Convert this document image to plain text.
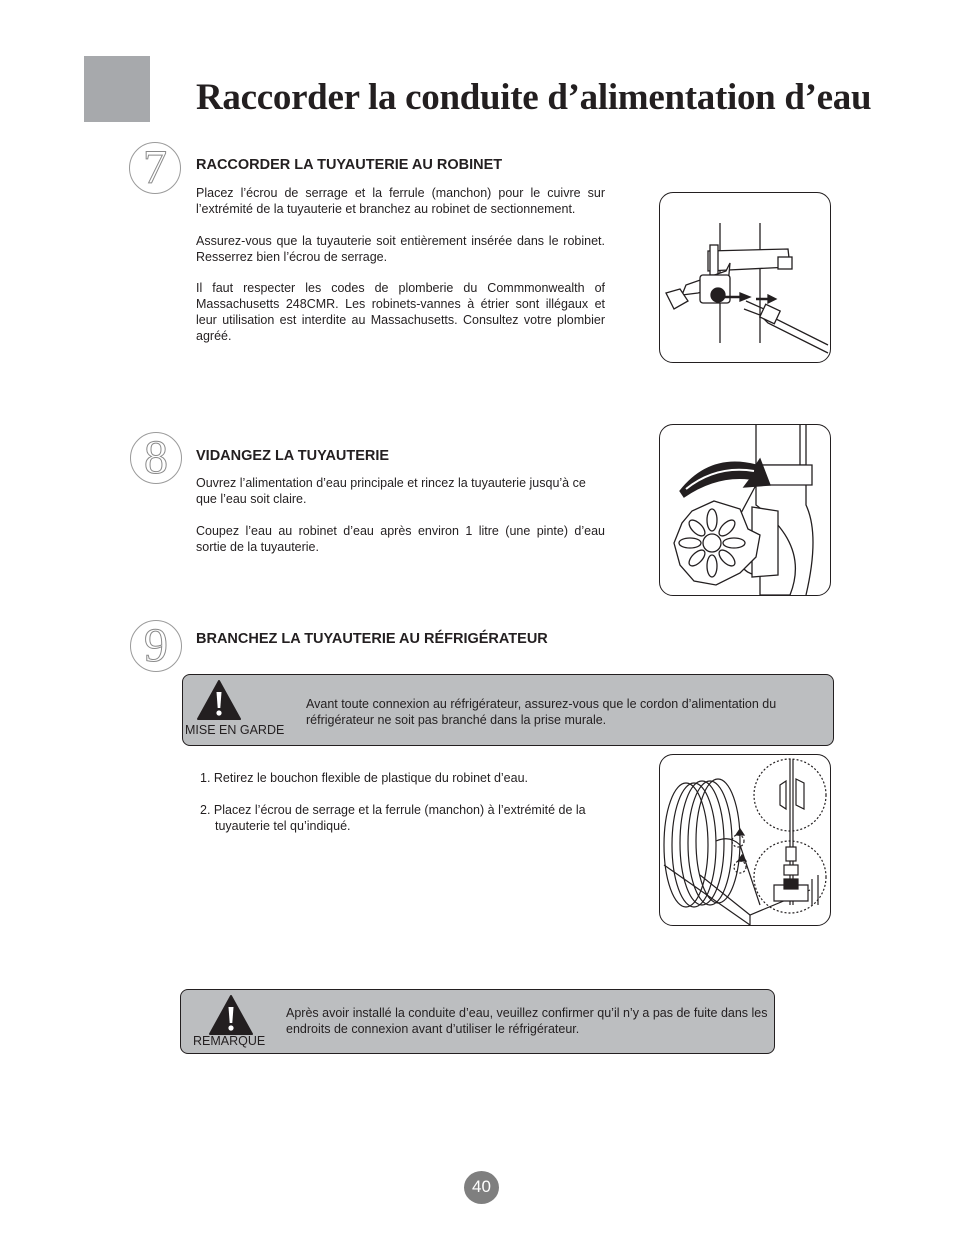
Raccorder la conduite d’alimentation d’eau
7	RACCORDER LA TUYAUTERIE AU ROBINET

Placez l’écrou de serrage et la ferrule (manchon) pour le cuivre sur l’extrémité de la tuyauterie et branchez au robinet de sectionnement.

Assurez-vous que la tuyauterie soit entièrement insérée dans le robinet. Resserrez bien l’écrou de serrage.

Il faut respecter les codes de plomberie du Commmonwealth of Massachusetts 248CMR. Les robinets-vannes à étrier sont illégaux et leur utilisation est interdite au Massachusetts. Consultez votre plombier agréé.

8	VIDANGEZ LA TUYAUTERIE

Ouvrez l’alimentation d’eau principale et rincez la tuyauterie jusqu’à ce que l’eau soit claire.

Coupez l’eau au robinet d’eau après environ 1 litre (une pinte) d’eau sortie de la tuyauterie.

9	BRANCHEZ LA TUYAUTERIE AU RÉFRIGÉRATEUR
MISE EN GARDE
Avant toute connexion au réfrigérateur, assurez-vous que le cordon d’alimentation du réfrigérateur ne soit pas branché dans la prise murale.
1. Retirez le bouchon flexible de plastique du robinet d’eau.
2. Placez l’écrou de serrage et la ferrule (manchon) à l’extrémité de la tuyauterie tel qu’indiqué.
REMARQUE
Après avoir installé la conduite d’eau, veuillez confirmer qu’il n’y a pas de fuite dans les endroits de connexion avant d’utiliser le réfrigérateur.
40
